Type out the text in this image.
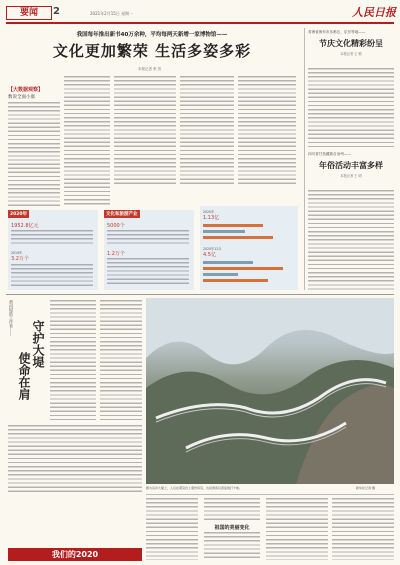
要闻	2	2021年2月15日 星期一	人民日报
我国每年推出新书40万余种，平均每两天新增一家博物馆——
文化更加繁荣 生活多姿多彩
本报记者 张 贺
【大数据观察】
数说全面小康
2020年
1952.8亿元
2019年
3.2万个
文化和旅游产业
5000个
1.2万个
2020年
1.13亿
2020年12月
4.5亿
青海省海东市乐都区、乐东等地——
节庆文化精彩纷呈
本报记者 王 锦
四川省甘孜藏族自治州——
年俗活动丰富多样
本报记者 王 明
黄河堤防工作者——
守护大堤
使命在肩
图为沿河大堤上，人们在观景台上观赏风景，也是游客们喜爱的打卡地。	新华社记者 摄
祖国的美丽变化
我们的2020
